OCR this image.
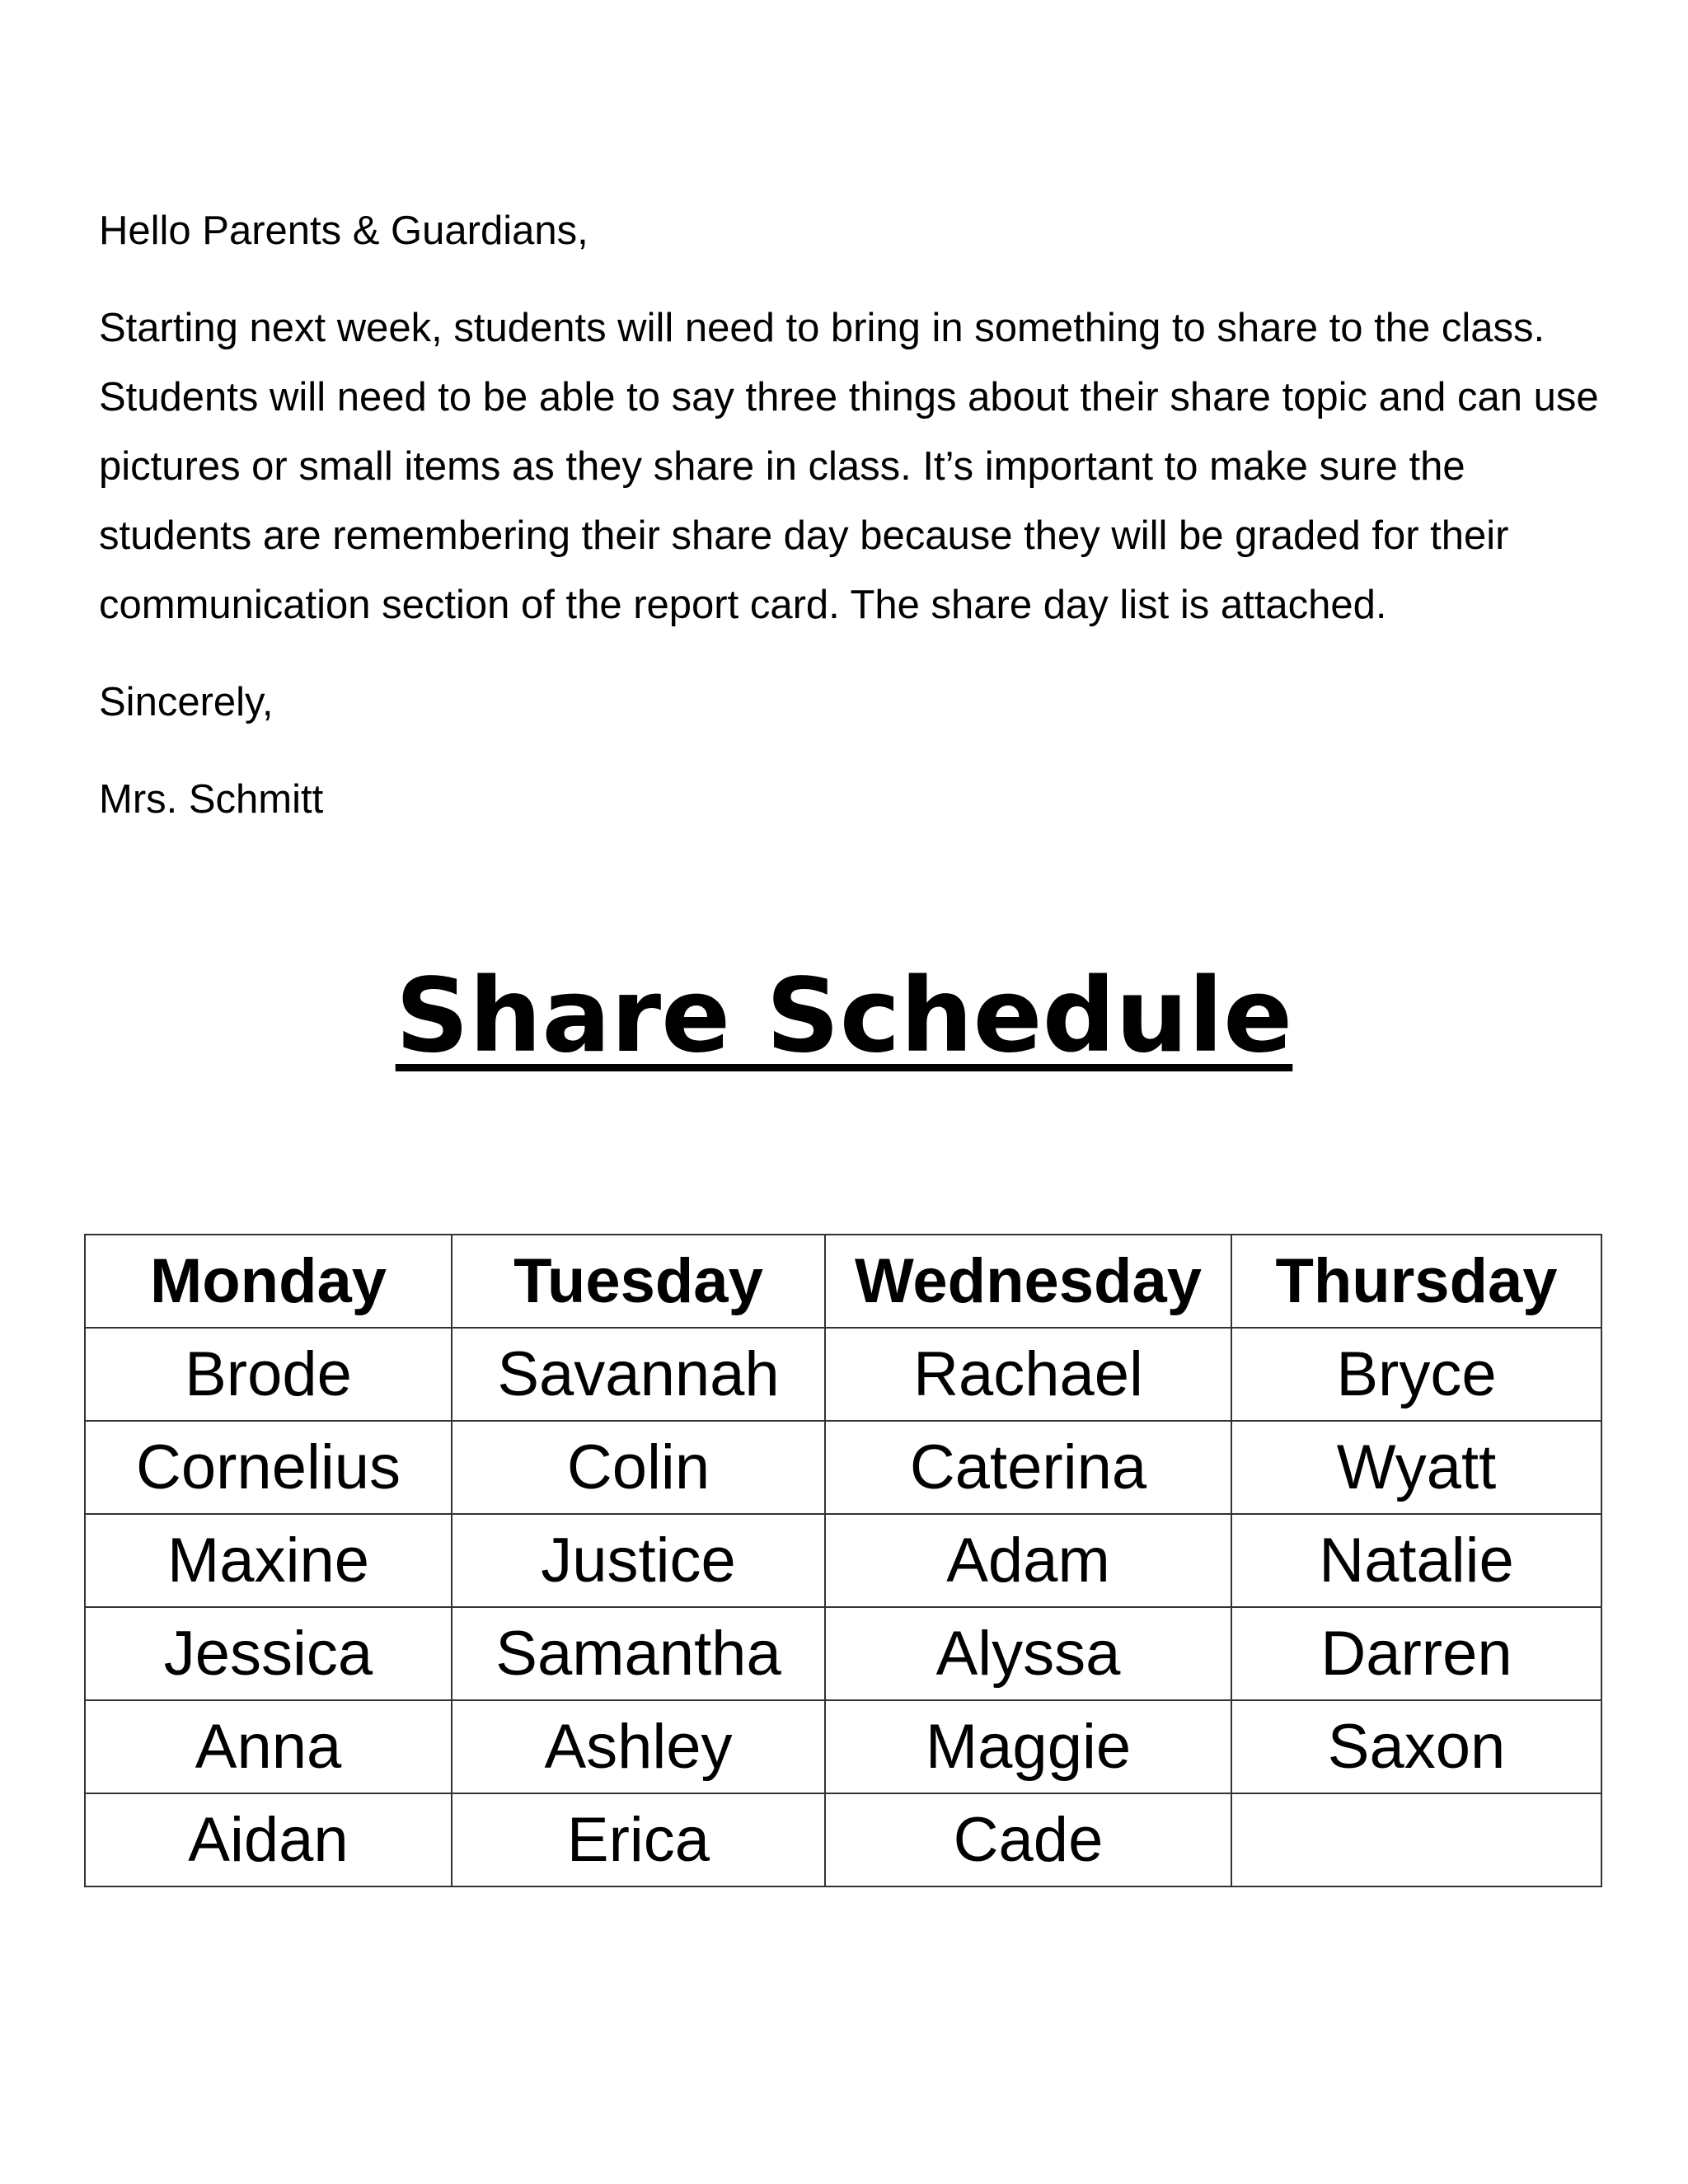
Hello Parents & Guardians,

Starting next week, students will need to bring in something to share to the class. Students will need to be able to say three things about their share topic and can use pictures or small items as they share in class. It’s important to make sure the students are remembering their share day because they will be graded for their communication section of the report card. The share day list is attached.

Sincerely,

Mrs. Schmitt

Share Schedule
Monday	Tuesday	Wednesday	Thursday
Brode	Savannah	Rachael	Bryce
Cornelius	Colin	Caterina	Wyatt
Maxine	Justice	Adam	Natalie
Jessica	Samantha	Alyssa	Darren
Anna	Ashley	Maggie	Saxon
Aidan	Erica	Cade	
